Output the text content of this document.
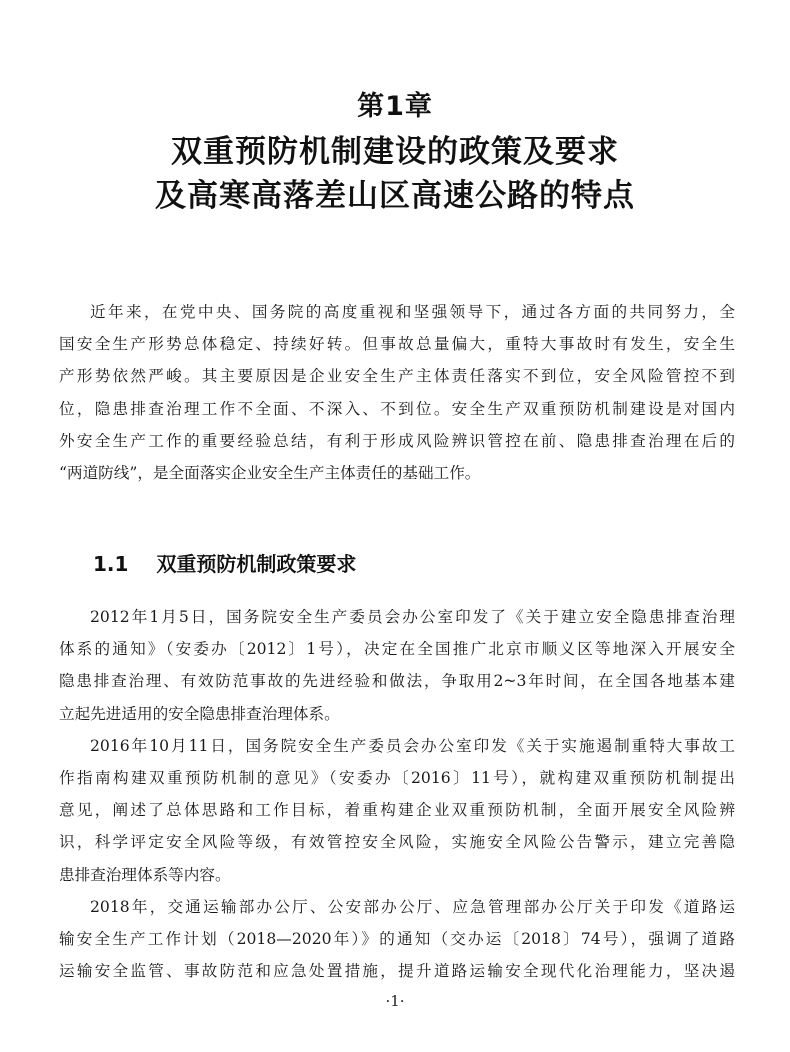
第1章
双重预防机制建设的政策及要求
及高寒高落差山区高速公路的特点
近年来，在党中央、国务院的高度重视和坚强领导下，通过各方面的共同努力，全
国安全生产形势总体稳定、持续好转。但事故总量偏大，重特大事故时有发生，安全生
产形势依然严峻。其主要原因是企业安全生产主体责任落实不到位，安全风险管控不到
位，隐患排查治理工作不全面、不深入、不到位。安全生产双重预防机制建设是对国内
外安全生产工作的重要经验总结，有利于形成风险辨识管控在前、隐患排查治理在后的
“两道防线”，是全面落实企业安全生产主体责任的基础工作。
1.1 双重预防机制政策要求
2012年1月5日，国务院安全生产委员会办公室印发了《关于建立安全隐患排查治理
体系的通知》（安委办〔2012〕1号），决定在全国推广北京市顺义区等地深入开展安全
隐患排查治理、有效防范事故的先进经验和做法，争取用2~3年时间，在全国各地基本建
立起先进适用的安全隐患排查治理体系。
2016年10月11日，国务院安全生产委员会办公室印发《关于实施遏制重特大事故工
作指南构建双重预防机制的意见》（安委办〔2016〕11号），就构建双重预防机制提出
意见，阐述了总体思路和工作目标，着重构建企业双重预防机制，全面开展安全风险辨
识，科学评定安全风险等级，有效管控安全风险，实施安全风险公告警示，建立完善隐
患排查治理体系等内容。
2018年，交通运输部办公厅、公安部办公厅、应急管理部办公厅关于印发《道路运
输安全生产工作计划（2018—2020年）》的通知（交办运〔2018〕74号），强调了道路
运输安全监管、事故防范和应急处置措施，提升道路运输安全现代化治理能力，坚决遏
·1·
